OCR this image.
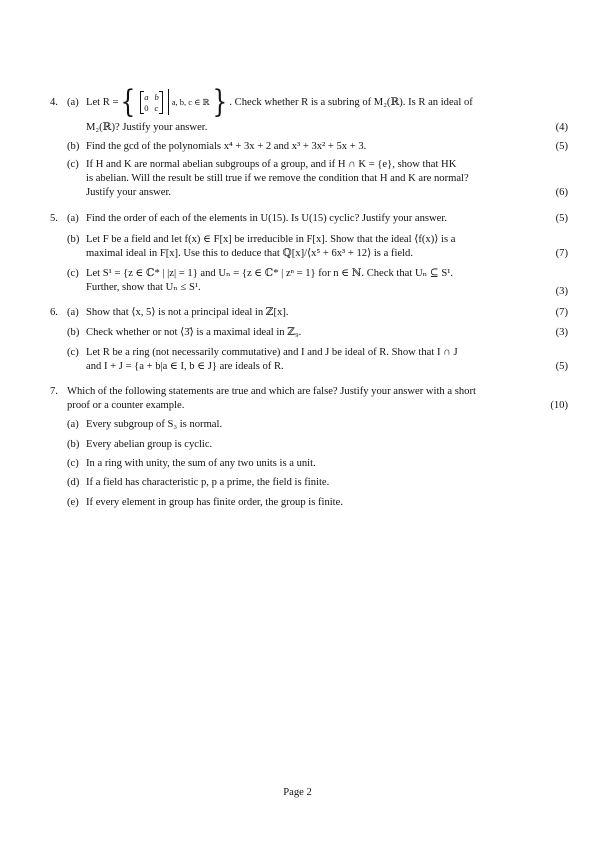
4. (a) Let R = { a b
0 c
a, b, c ∈ ℝ } . Check whether R is a subring of M₂(ℝ). Is R an ideal of
M₂(ℝ)? Justify your answer.	(4)
(b) Find the gcd of the polynomials x⁴ + 3x + 2 and x³ + 3x² + 5x + 3.	(5)
(c) If H and K are normal abelian subgroups of a group, and if H ∩ K = {e}, show that HK
is abelian. Will the result be still true if we remove the condition that H and K are normal?
Justify your answer.	(6)
5. (a) Find the order of each of the elements in U(15). Is U(15) cyclic? Justify your answer.	(5)
(b) Let F be a field and let f(x) ∈ F[x] be irreducible in F[x]. Show that the ideal ⟨f(x)⟩ is a
maximal ideal in F[x]. Use this to deduce that ℚ[x]/⟨x⁵ + 6x³ + 12⟩ is a field.	(7)
(c) Let S¹ = {z ∈ ℂ* | |z| = 1} and Uₙ = {z ∈ ℂ* | zⁿ = 1} for n ∈ ℕ. Check that Uₙ ⊆ S¹.
Further, show that Uₙ ≤ S¹.	(3)
6. (a) Show that ⟨x, 5⟩ is not a principal ideal in ℤ[x].	(7)
(b) Check whether or not ⟨3̄⟩ is a maximal ideal in ℤ₉.	(3)
(c) Let R be a ring (not necessarily commutative) and I and J be ideal of R. Show that I ∩ J
and I + J = {a + b|a ∈ I, b ∈ J} are ideals of R.	(5)
7. Which of the following statements are true and which are false? Justify your answer with a short
proof or a counter example.	(10)
(a) Every subgroup of S₃ is normal.
(b) Every abelian group is cyclic.
(c) In a ring with unity, the sum of any two units is a unit.
(d) If a field has characteristic p, p a prime, the field is finite.
(e) If every element in group has finite order, the group is finite.
Page 2
